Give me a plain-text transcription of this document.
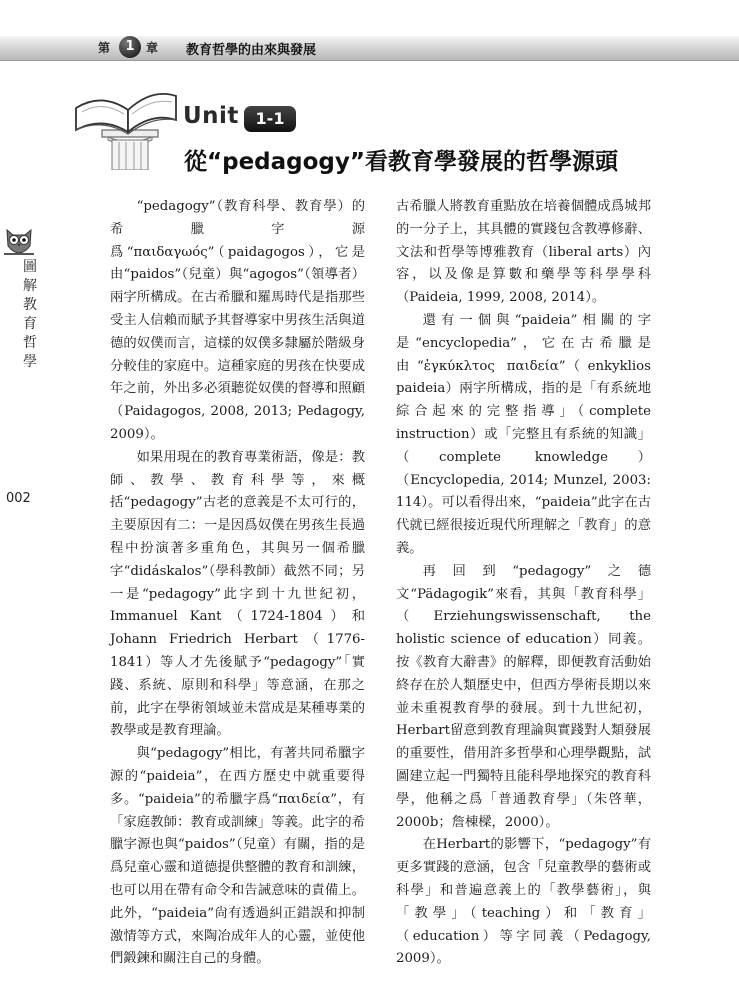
第	1 章 教育哲學的由來與發展
Unit	1-1
從“pedagogy”看教育學發展的哲學源頭
圖
解
教
育
哲
學
002

“pedagogy”（教育科學、教育學）的希臘字源爲“παιδαγωός”（paidagogos），它是由“paidos”（兒童）與“agogos”（領導者）兩字所構成。在古希臘和羅馬時代是指那些受主人信賴而賦予其督導家中男孩生活與道德的奴僕而言，這樣的奴僕多隸屬於階級身分較佳的家庭中。這種家庭的男孩在快要成年之前，外出多必須聽從奴僕的督導和照顧（Paidagogos, 2008, 2013; Pedagogy, 2009）。

如果用現在的教育專業術語，像是：教師、教學、教育科學等，來概括“pedagogy”古老的意義是不太可行的，主要原因有二：一是因爲奴僕在男孩生長過程中扮演著多重角色，其與另一個希臘字“didáskalos”（學科教師）截然不同；另一是“pedagogy”此字到十九世紀初，Immanuel Kant（1724-1804）和Johann Friedrich Herbart（1776-1841）等人才先後賦予“pedagogy”「實踐、系統、原則和科學」等意涵，在那之前，此字在學術領域並未當成是某種專業的教學或是教育理論。

與“pedagogy”相比，有著共同希臘字源的“paideia”，在西方歷史中就重要得多。“paideia”的希臘字爲“παιδεία”，有「家庭教師：教育或訓練」等義。此字的希臘字源也與“paidos”（兒童）有關，指的是爲兒童心靈和道德提供整體的教育和訓練，也可以用在帶有命令和告誡意味的責備上。此外，“paideia”尙有透過糾正錯誤和抑制激情等方式，來陶冶成年人的心靈，並使他們鍛鍊和關注自己的身體。

古希臘人將教育重點放在培養個體成爲城邦的一分子上，其具體的實踐包含教導修辭、文法和哲學等博雅教育（liberal arts）內容，以及像是算數和藥學等科學學科（Paideia, 1999, 2008, 2014）。

還有一個與“paideia”相關的字是“encyclopedia”，它在古希臘是由“ἐγκύκλτος παιδεία”（enkyklios paideia）兩字所構成，指的是「有系統地綜合起來的完整指導」（complete instruction）或「完整且有系統的知識」（complete knowledge）（Encyclopedia, 2014; Munzel, 2003: 114）。可以看得出來，“paideia”此字在古代就已經很接近現代所理解之「教育」的意義。

再回到“pedagogy”之德文“Pädagogik”來看，其與「教育科學」（Erziehungswissenschaft, the holistic science of education）同義。按《教育大辭書》的解釋，即便教育活動始終存在於人類歷史中，但西方學術長期以來並未重視教育學的發展。到十九世紀初，Herbart留意到教育理論與實踐對人類發展的重要性，借用許多哲學和心理學觀點，試圖建立起一門獨特且能科學地探究的教育科學，他稱之爲「普通教育學」（朱啓華，2000b；詹棟樑，2000）。

在Herbart的影響下，“pedagogy”有更多實踐的意涵，包含「兒童教學的藝術或科學」和普遍意義上的「教學藝術」，與「教學」（teaching）和「教育」（education）等字同義（Pedagogy, 2009）。
